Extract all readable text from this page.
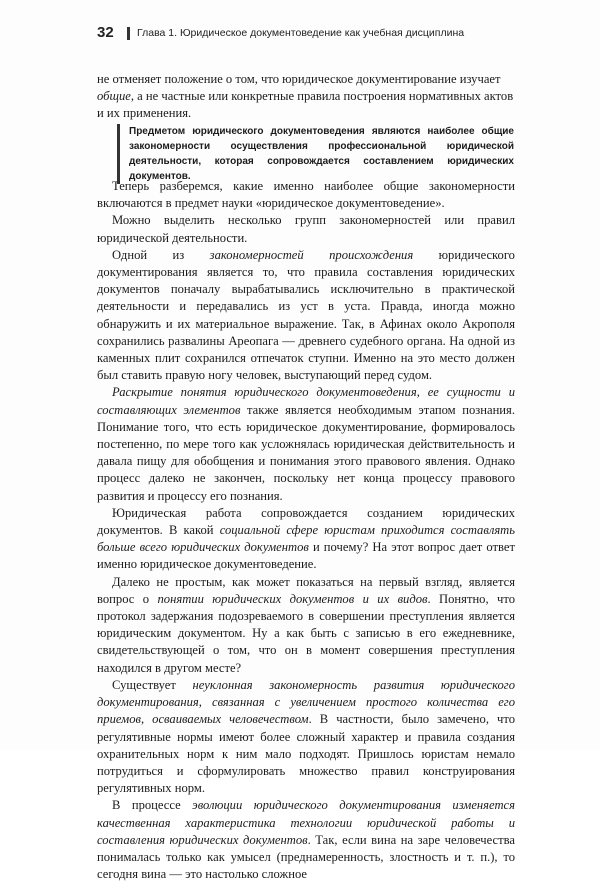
32 Глава 1. Юридическое документоведение как учебная дисциплина

не отменяет положение о том, что юридическое документирование изучает

общие, а не частные или конкретные правила построения нормативных актов

и их применения.

Предметом юридического документоведения являются наиболее общие закономерности осуществления профессиональной юридической деятельности, которая сопровождается составлением юридических документов.

Теперь разберемся, какие именно наиболее общие закономерности включаются в предмет науки «юридическое документоведение».

Можно выделить несколько групп закономерностей или правил юридической деятельности.

Одной из закономерностей происхождения юридического документирования является то, что правила составления юридических документов поначалу вырабатывались исключительно в практической деятельности и передавались из уст в уста. Правда, иногда можно обнаружить и их материальное выражение. Так, в Афинах около Акрополя сохранились развалины Ареопага — древнего судебного органа. На одной из каменных плит сохранился отпечаток ступни. Именно на это место должен был ставить правую ногу человек, выступающий перед судом.

Раскрытие понятия юридического документоведения, ее сущности и составляющих элементов также является необходимым этапом познания. Понимание того, что есть юридическое документирование, формировалось постепенно, по мере того как усложнялась юридическая действительность и давала пищу для обобщения и понимания этого правового явления. Однако процесс далеко не закончен, поскольку нет конца процессу правового развития и процессу его познания.

Юридическая работа сопровождается созданием юридических документов. В какой социальной сфере юристам приходится составлять больше всего юридических документов и почему? На этот вопрос дает ответ именно юридическое документоведение.

Далеко не простым, как может показаться на первый взгляд, является вопрос о понятии юридических документов и их видов. Понятно, что протокол задержания подозреваемого в совершении преступления является юридическим документом. Ну а как быть с записью в его ежедневнике, свидетельствующей о том, что он в момент совершения преступления находился в другом месте?

Существует неуклонная закономерность развития юридического документирования, связанная с увеличением простого количества его приемов, осваиваемых человечеством. В частности, было замечено, что регулятивные нормы имеют более сложный характер и правила создания охранительных норм к ним мало подходят. Пришлось юристам немало потрудиться и сформулировать множество правил конструирования регулятивных норм.

В процессе эволюции юридического документирования изменяется качественная характеристика технологии юридической работы и составления юридических документов. Так, если вина на заре человечества понималась только как умысел (преднамеренность, злостность и т. п.), то сегодня вина — это настолько сложное
